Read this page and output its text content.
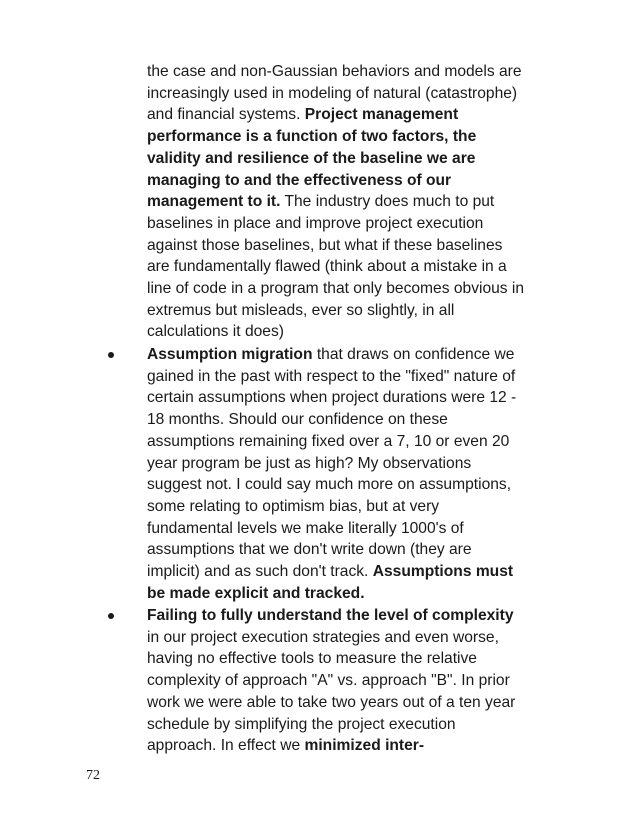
the case and non-Gaussian behaviors and models are increasingly used in modeling of natural (catastrophe) and financial systems. Project management performance is a function of two factors, the validity and resilience of the baseline we are managing to and the effectiveness of our management to it. The industry does much to put baselines in place and improve project execution against those baselines, but what if these baselines are fundamentally flawed (think about a mistake in a line of code in a program that only becomes obvious in extremus but misleads, ever so slightly, in all calculations it does)
Assumption migration that draws on confidence we gained in the past with respect to the "fixed" nature of certain assumptions when project durations were 12 - 18 months. Should our confidence on these assumptions remaining fixed over a 7, 10 or even 20 year program be just as high? My observations suggest not. I could say much more on assumptions, some relating to optimism bias, but at very fundamental levels we make literally 1000's of assumptions that we don't write down (they are implicit) and as such don't track. Assumptions must be made explicit and tracked.
Failing to fully understand the level of complexity in our project execution strategies and even worse, having no effective tools to measure the relative complexity of approach "A" vs. approach "B". In prior work we were able to take two years out of a ten year schedule by simplifying the project execution approach. In effect we minimized inter-
72
